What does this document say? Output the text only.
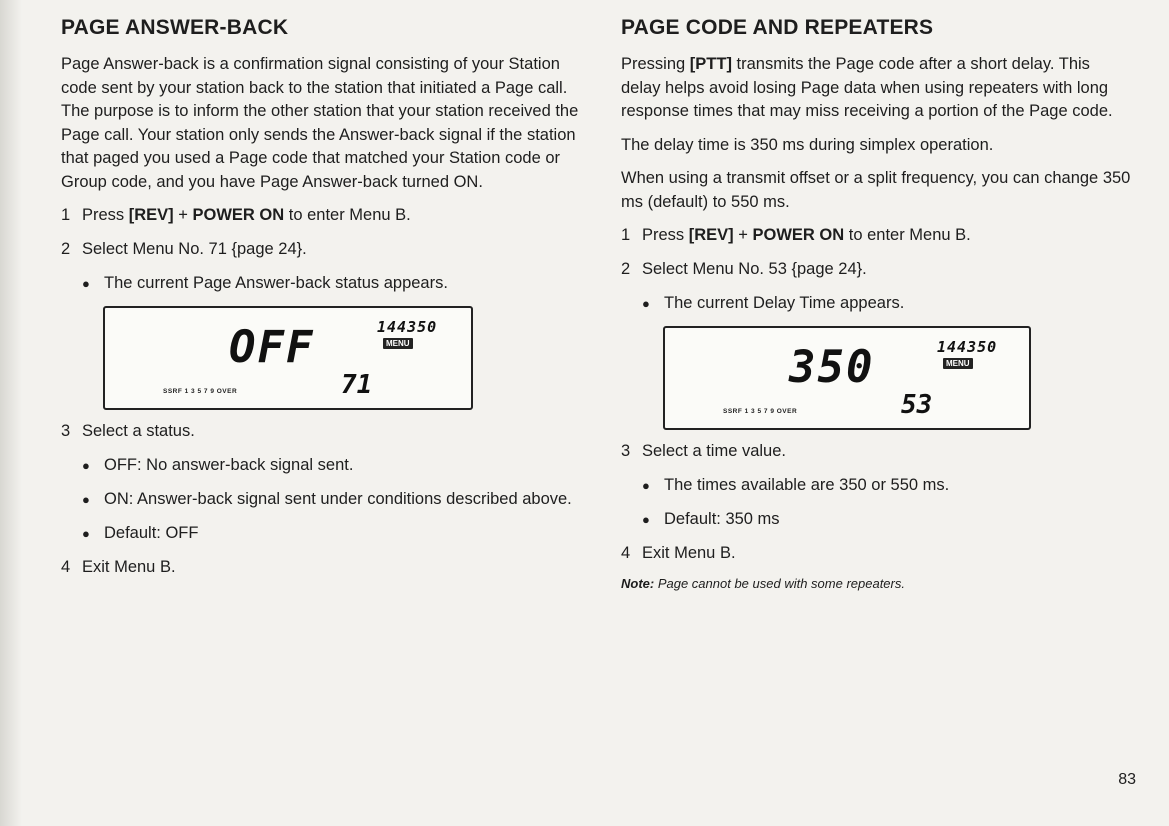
PAGE ANSWER-BACK

Page Answer-back is a confirmation signal consisting of your Station code sent by your station back to the station that initiated a Page call. The purpose is to inform the other station that your station received the Page call. Your station only sends the Answer-back signal if the station that paged you used a Page code that matched your Station code or Group code, and you have Page Answer-back turned ON.

1 Press [REV] + POWER ON to enter Menu B.
2 Select Menu No. 71 {page 24}.
● The current Page Answer-back status appears.
OFF	144350
MENU
SSRF 1 3 5 7 9 OVER	71
3 Select a status.
● OFF: No answer-back signal sent.
● ON: Answer-back signal sent under conditions described above.
● Default: OFF
4 Exit Menu B.
PAGE CODE AND REPEATERS

Pressing [PTT] transmits the Page code after a short delay. This delay helps avoid losing Page data when using repeaters with long response times that may miss receiving a portion of the Page code.

The delay time is 350 ms during simplex operation.

When using a transmit offset or a split frequency, you can change 350 ms (default) to 550 ms.

1 Press [REV] + POWER ON to enter Menu B.
2 Select Menu No. 53 {page 24}.
● The current Delay Time appears.
350	144350
MENU
SSRF 1 3 5 7 9 OVER	53
3 Select a time value.
● The times available are 350 or 550 ms.
● Default: 350 ms
4 Exit Menu B.
Note: Page cannot be used with some repeaters.
83
